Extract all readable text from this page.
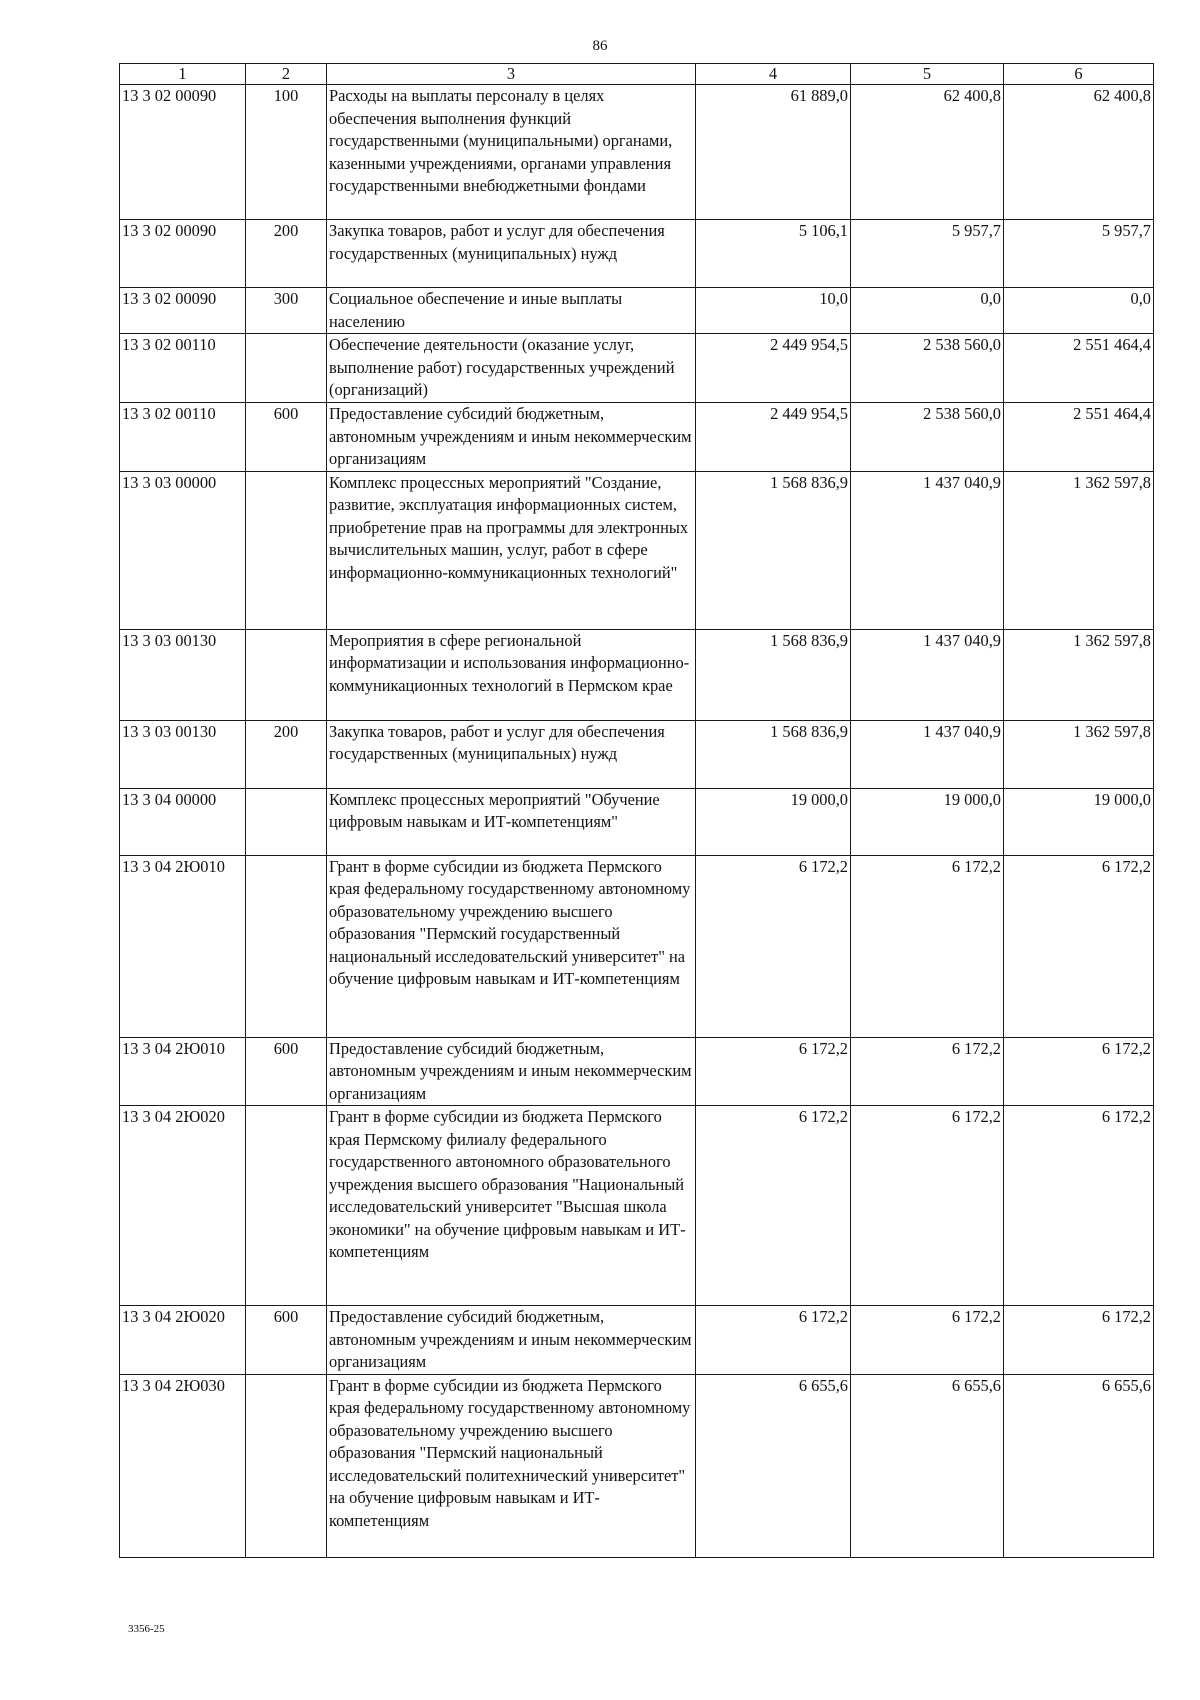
86
1	2	3	4	5	6
13 3 02 00090	100	Расходы на выплаты персоналу в целях обеспечения выполнения функций государственными (муниципальными) органами, казенными учреждениями, органами управления государственными внебюджетными фондами	61 889,0	62 400,8	62 400,8
13 3 02 00090	200	Закупка товаров, работ и услуг для обеспечения государственных (муниципальных) нужд	5 106,1	5 957,7	5 957,7
13 3 02 00090	300	Социальное обеспечение и иные выплаты населению	10,0	0,0	0,0
13 3 02 00110		Обеспечение деятельности (оказание услуг, выполнение работ) государственных учреждений (организаций)	2 449 954,5	2 538 560,0	2 551 464,4
13 3 02 00110	600	Предоставление субсидий бюджетным, автономным учреждениям и иным некоммерческим организациям	2 449 954,5	2 538 560,0	2 551 464,4
13 3 03 00000		Комплекс процессных мероприятий "Создание, развитие, эксплуатация информационных систем, приобретение прав на программы для электронных вычислительных машин, услуг, работ в сфере информационно-коммуникационных технологий"	1 568 836,9	1 437 040,9	1 362 597,8
13 3 03 00130		Мероприятия в сфере региональной информатизации и использования информационно-коммуникационных технологий в Пермском крае	1 568 836,9	1 437 040,9	1 362 597,8
13 3 03 00130	200	Закупка товаров, работ и услуг для обеспечения государственных (муниципальных) нужд	1 568 836,9	1 437 040,9	1 362 597,8
13 3 04 00000		Комплекс процессных мероприятий "Обучение цифровым навыкам и ИТ-компетенциям"	19 000,0	19 000,0	19 000,0
13 3 04 2Ю010		Грант в форме субсидии из бюджета Пермского края федеральному государственному автономному образовательному учреждению высшего образования "Пермский государственный национальный исследовательский университет" на обучение цифровым навыкам и ИТ-компетенциям	6 172,2	6 172,2	6 172,2
13 3 04 2Ю010	600	Предоставление субсидий бюджетным, автономным учреждениям и иным некоммерческим организациям	6 172,2	6 172,2	6 172,2
13 3 04 2Ю020		Грант в форме субсидии из бюджета Пермского края Пермскому филиалу федерального государственного автономного образовательного учреждения высшего образования "Национальный исследовательский университет "Высшая школа экономики" на обучение цифровым навыкам и ИТ-компетенциям	6 172,2	6 172,2	6 172,2
13 3 04 2Ю020	600	Предоставление субсидий бюджетным, автономным учреждениям и иным некоммерческим организациям	6 172,2	6 172,2	6 172,2
13 3 04 2Ю030		Грант в форме субсидии из бюджета Пермского края федеральному государственному автономному образовательному учреждению высшего образования "Пермский национальный исследовательский политехнический университет" на обучение цифровым навыкам и ИТ-компетенциям	6 655,6	6 655,6	6 655,6
3356-25
